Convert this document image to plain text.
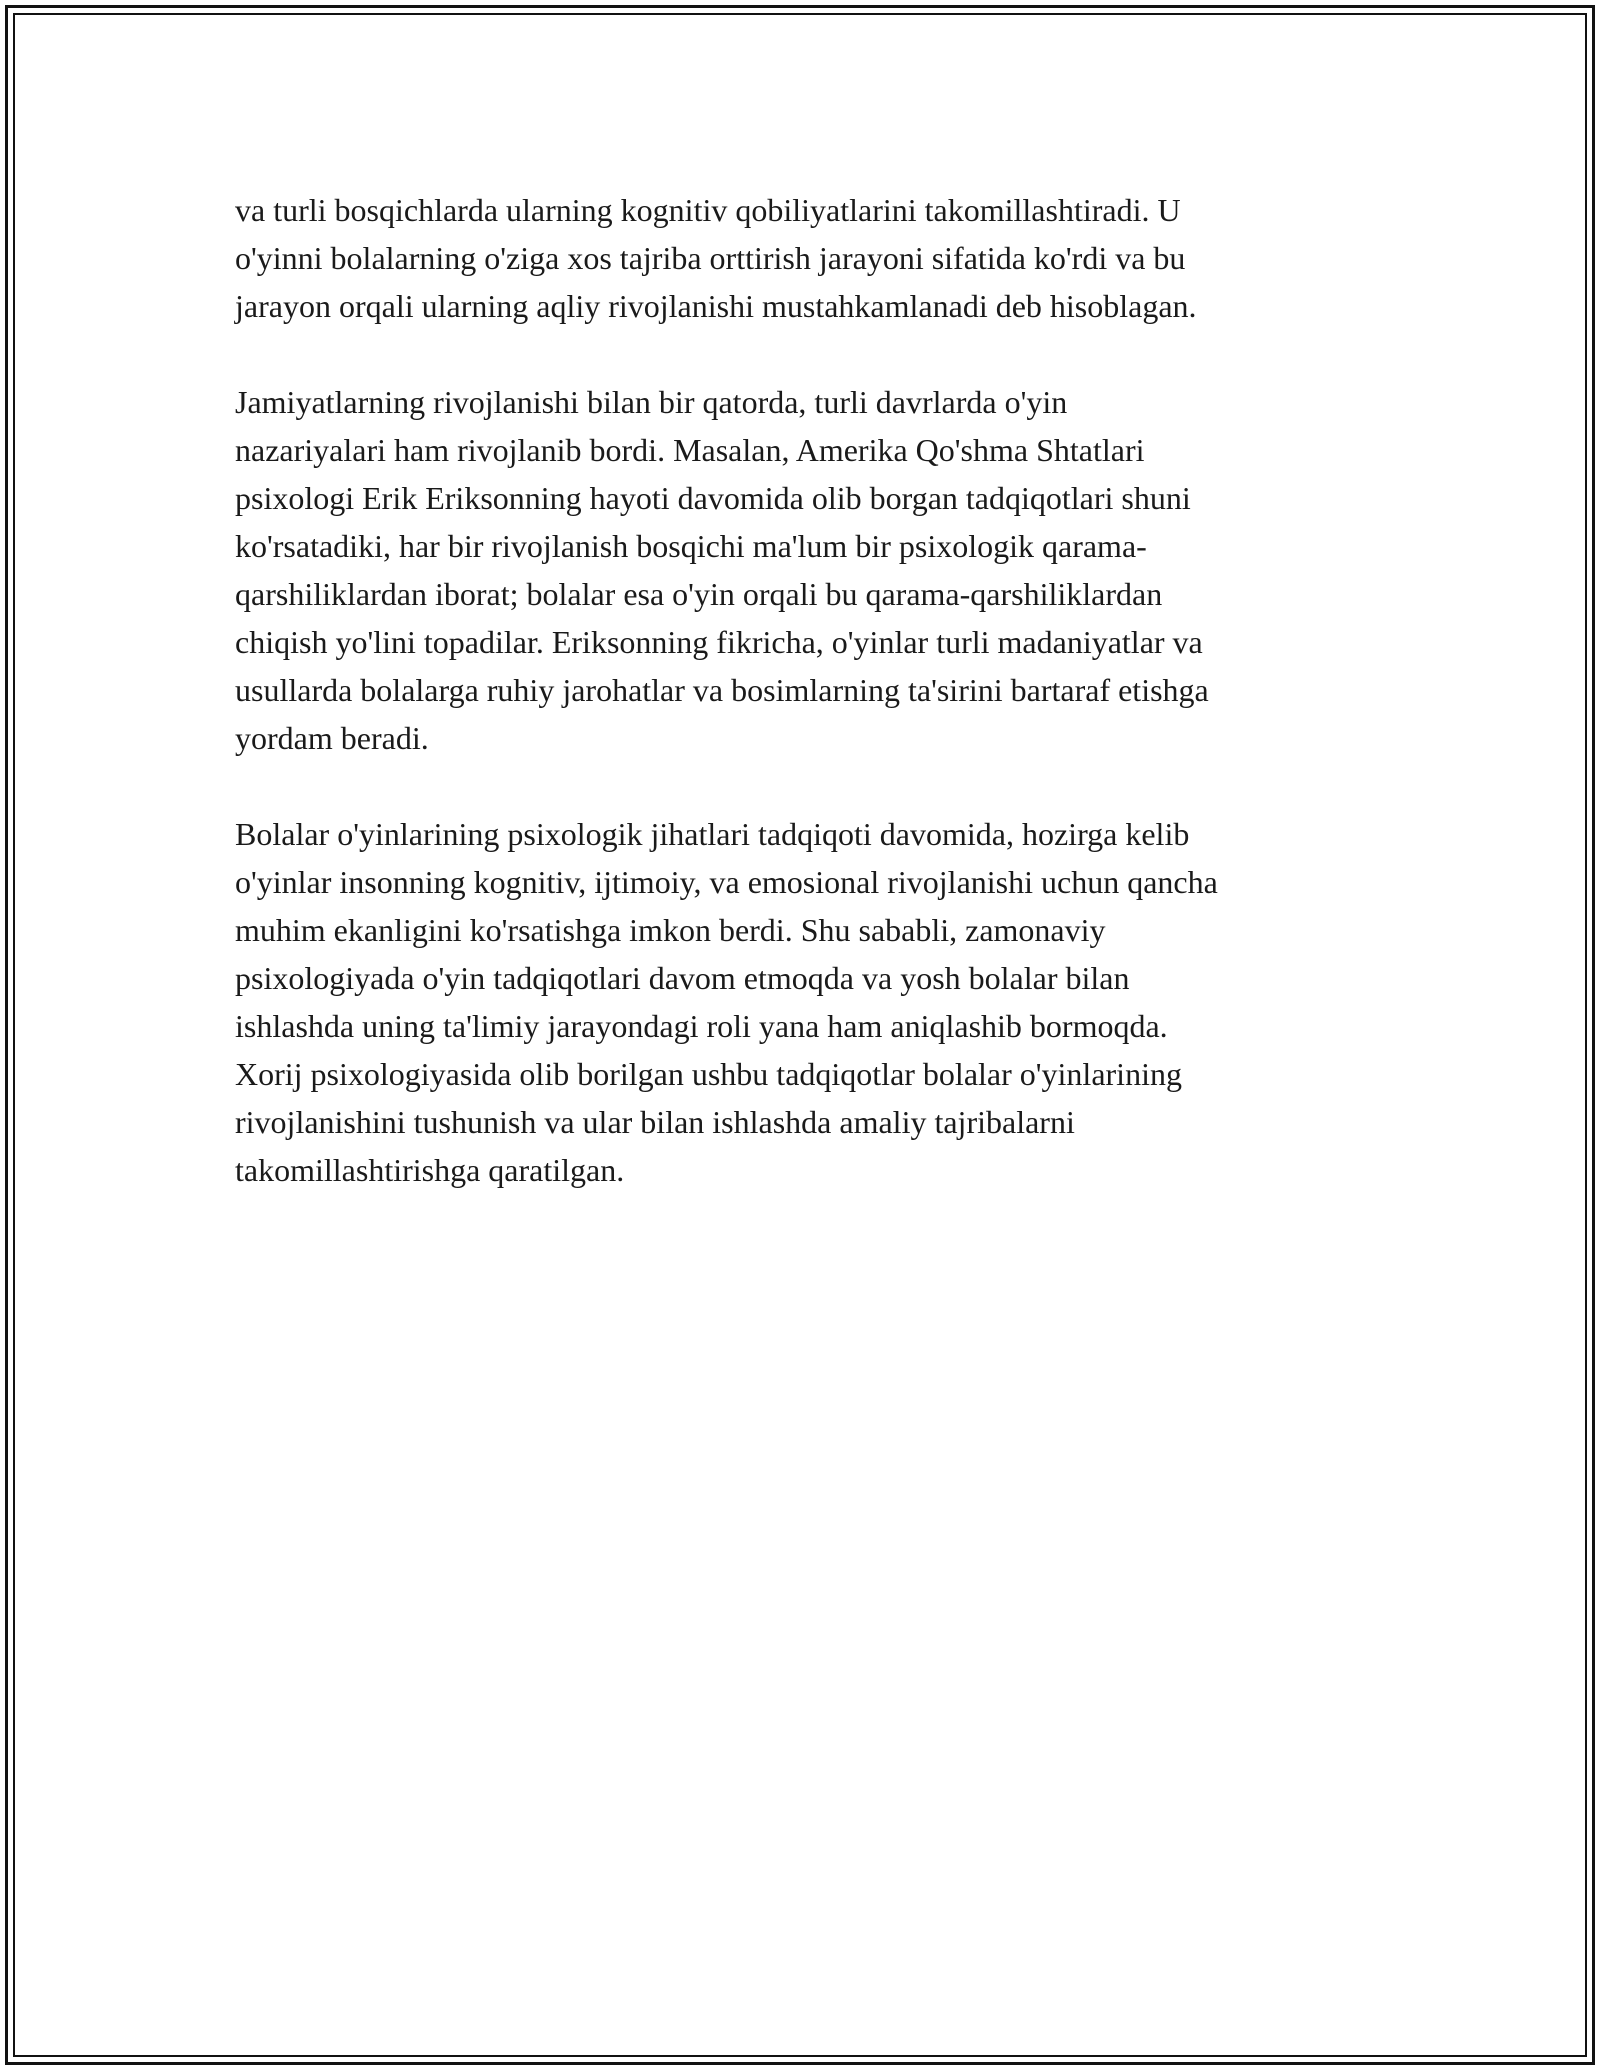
va turli bosqichlarda ularning kognitiv qobiliyatlarini takomillashtiradi. U
o'yinni bolalarning o'ziga xos tajriba orttirish jarayoni sifatida ko'rdi va bu
jarayon orqali ularning aqliy rivojlanishi mustahkamlanadi deb hisoblagan.

Jamiyatlarning rivojlanishi bilan bir qatorda, turli davrlarda o'yin
nazariyalari ham rivojlanib bordi. Masalan, Amerika Qo'shma Shtatlari
psixologi Erik Eriksonning hayoti davomida olib borgan tadqiqotlari shuni
ko'rsatadiki, har bir rivojlanish bosqichi ma'lum bir psixologik qarama-
qarshiliklardan iborat; bolalar esa o'yin orqali bu qarama-qarshiliklardan
chiqish yo'lini topadilar. Eriksonning fikricha, o'yinlar turli madaniyatlar va
usullarda bolalarga ruhiy jarohatlar va bosimlarning ta'sirini bartaraf etishga
yordam beradi.

Bolalar o'yinlarining psixologik jihatlari tadqiqoti davomida, hozirga kelib
o'yinlar insonning kognitiv, ijtimoiy, va emosional rivojlanishi uchun qancha
muhim ekanligini ko'rsatishga imkon berdi. Shu sababli, zamonaviy
psixologiyada o'yin tadqiqotlari davom etmoqda va yosh bolalar bilan
ishlashda uning ta'limiy jarayondagi roli yana ham aniqlashib bormoqda.
Xorij psixologiyasida olib borilgan ushbu tadqiqotlar bolalar o'yinlarining
rivojlanishini tushunish va ular bilan ishlashda amaliy tajribalarni
takomillashtirishga qaratilgan.
